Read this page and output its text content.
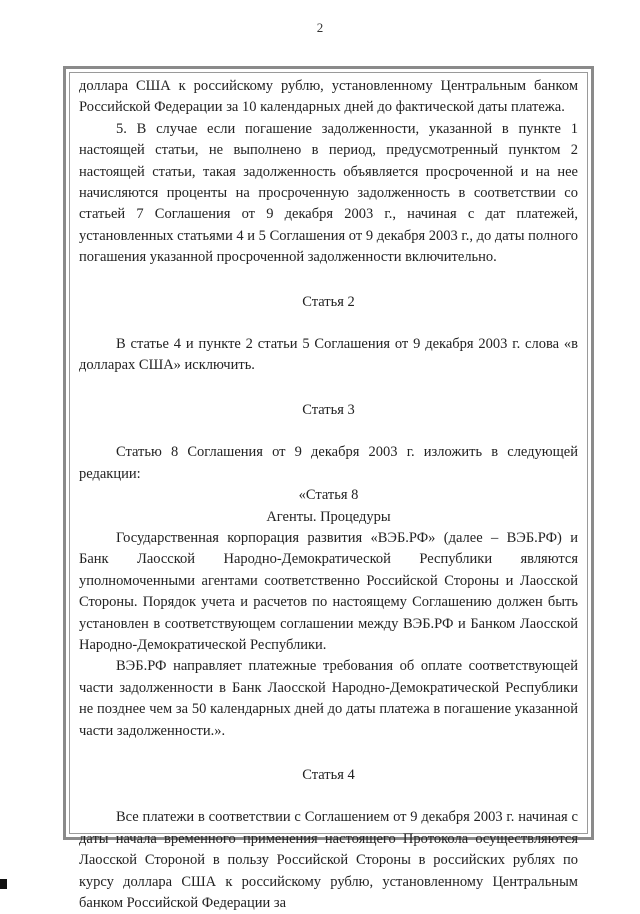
2

доллара США к российскому рублю, установленному Центральным банком Российской Федерации за 10 календарных дней до фактической даты платежа.

5. В случае если погашение задолженности, указанной в пункте 1 настоящей статьи, не выполнено в период, предусмотренный пунктом 2 настоящей статьи, такая задолженность объявляется просроченной и на нее начисляются проценты на просроченную задолженность в соответствии со статьей 7 Соглашения от 9 декабря 2003 г., начиная с дат платежей, установленных статьями 4 и 5 Соглашения от 9 декабря 2003 г., до даты полного погашения указанной просроченной задолженности включительно.

Статья 2

В статье 4 и пункте 2 статьи 5 Соглашения от 9 декабря 2003 г. слова «в долларах США» исключить.

Статья 3

Статью 8 Соглашения от 9 декабря 2003 г. изложить в следующей редакции:

«Статья 8

Агенты. Процедуры

Государственная корпорация развития «ВЭБ.РФ» (далее – ВЭБ.РФ) и Банк Лаосской Народно-Демократической Республики являются уполномоченными агентами соответственно Российской Стороны и Лаосской Стороны. Порядок учета и расчетов по настоящему Соглашению должен быть установлен в соответствующем соглашении между ВЭБ.РФ и Банком Лаосской Народно-Демократической Республики.

ВЭБ.РФ направляет платежные требования об оплате соответствующей части задолженности в Банк Лаосской Народно-Демократической Республики не позднее чем за 50 календарных дней до даты платежа в погашение указанной части задолженности.».

Статья 4

Все платежи в соответствии с Соглашением от 9 декабря 2003 г. начиная с даты начала временного применения настоящего Протокола осуществляются Лаосской Стороной в пользу Российской Стороны в российских рублях по курсу доллара США к российскому рублю, установленному Центральным банком Российской Федерации за
